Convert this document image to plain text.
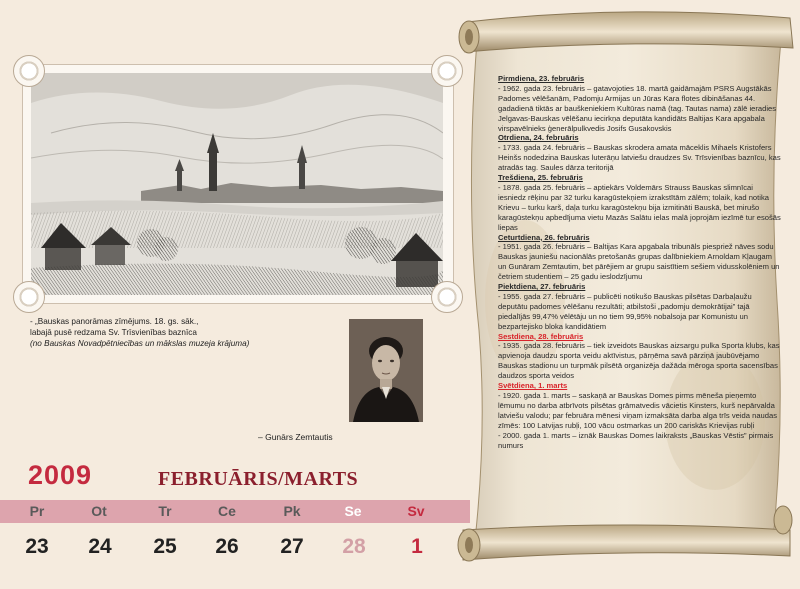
- „Bauskas panorāmas zīmējums. 18. gs. sāk.,
labajā pusē redzama Sv. Trīsvienības baznīca
(no Bauskas Novadpētniecības un mākslas muzeja krājuma)
– Gunārs Zemtautis
2009	FEBRUĀRIS/MARTS
Pr	Ot	Tr	Ce	Pk	Se	Sv
23	24	25	26	27	28	1

Pirmdiena, 23. februāris

- 1962. gada 23. februāris – gatavojoties 18. martā gaidāmajām PSRS Augstākās Padomes vēlēšanām, Padomju Armijas un Jūras Kara flotes dibināšanas 44. gadadienā tiktās ar bauškeniekiem Kultūras namā (tag. Tautas nama) zālē ieradies Jelgavas-Bauskas vēlēšanu iecirkņa deputāta kandidāts Baltijas Kara apgabala virspavēlnieks ģenerālpulkvedis Josifs Gusakovskis

Otrdiena, 24. februāris

- 1733. gada 24. februāris – Bauskas skrodera amata māceklis Mihaels Kristofers Heinšs nodedzina Bauskas luterāņu latviešu draudzes Sv. Trīsvienības baznīcu, kas atradās tag. Saules dārza teritorijā

Trešdiena, 25. februāris

- 1878. gada 25. februāris – aptiekārs Voldemārs Strauss Bauskas slimnīcai iesniedz rēķinu par 32 turku karagūstekņiem izrakstītām zālēm; tolaik, kad notika Krievu – turku karš, daļa turku karagūstekņu bija izmitināti Bauskā, bet mirušo karagūstekņu apbedījuma vietu Mazās Salātu ielas malā joprojām iezīmē tur esošās liepas

Ceturtdiena, 26. februāris

- 1951. gada 26. februāris – Baltijas Kara apgabala tribunāls piespriež nāves sodu Bauskas jauniešu nacionālās pretošanās grupas dalībniekiem Arnoldam Kļaugam un Gunāram Zemtautim, bet pārējiem ar grupu saistītiem sešiem vidusskolēniem un četriem studentiem – 25 gadu ieslodzījumu

Piektdiena, 27. februāris

- 1955. gada 27. februāris – publicēti notikušo Bauskas pilsētas Darbaļaužu deputātu padomes vēlēšanu rezultāti; atbilstoši „padomju demokrātijai” tajā piedalījās 99,47% vēlētāju un no tiem 99,95% nobalsoja par Komunistu un bezpartejisko bloka kandidātiem

Sestdiena, 28. februāris

- 1935. gada 28. februāris – tiek izveidots Bauskas aizsargu pulka Sporta klubs, kas apvienoja daudzu sporta veidu aktīvistus, pārņēma savā pārziņā jaubūvējamo Bauskas stadionu un turpmāk pilsētā organizēja dažāda mēroga sporta sacensības daudzos sporta veidos

Svētdiena, 1. marts

- 1920. gada 1. marts – saskaņā ar Bauskas Domes pirms mēneša pieņemto lēmumu no darba atbrīvots pilsētas grāmatvedis vācietis Kinsters, kurš nepārvalda latviešu valodu; par februāra mēnesi viņam izmaksāta darba alga trīs veida naudas zīmēs: 100 Latvijas rubļi, 100 vācu ostmarkas un 200 cariskās Krievijas rubļi
- 2000. gada 1. marts – iznāk Bauskas Domes laikraksts „Bauskas Vēstis” pirmais numurs
